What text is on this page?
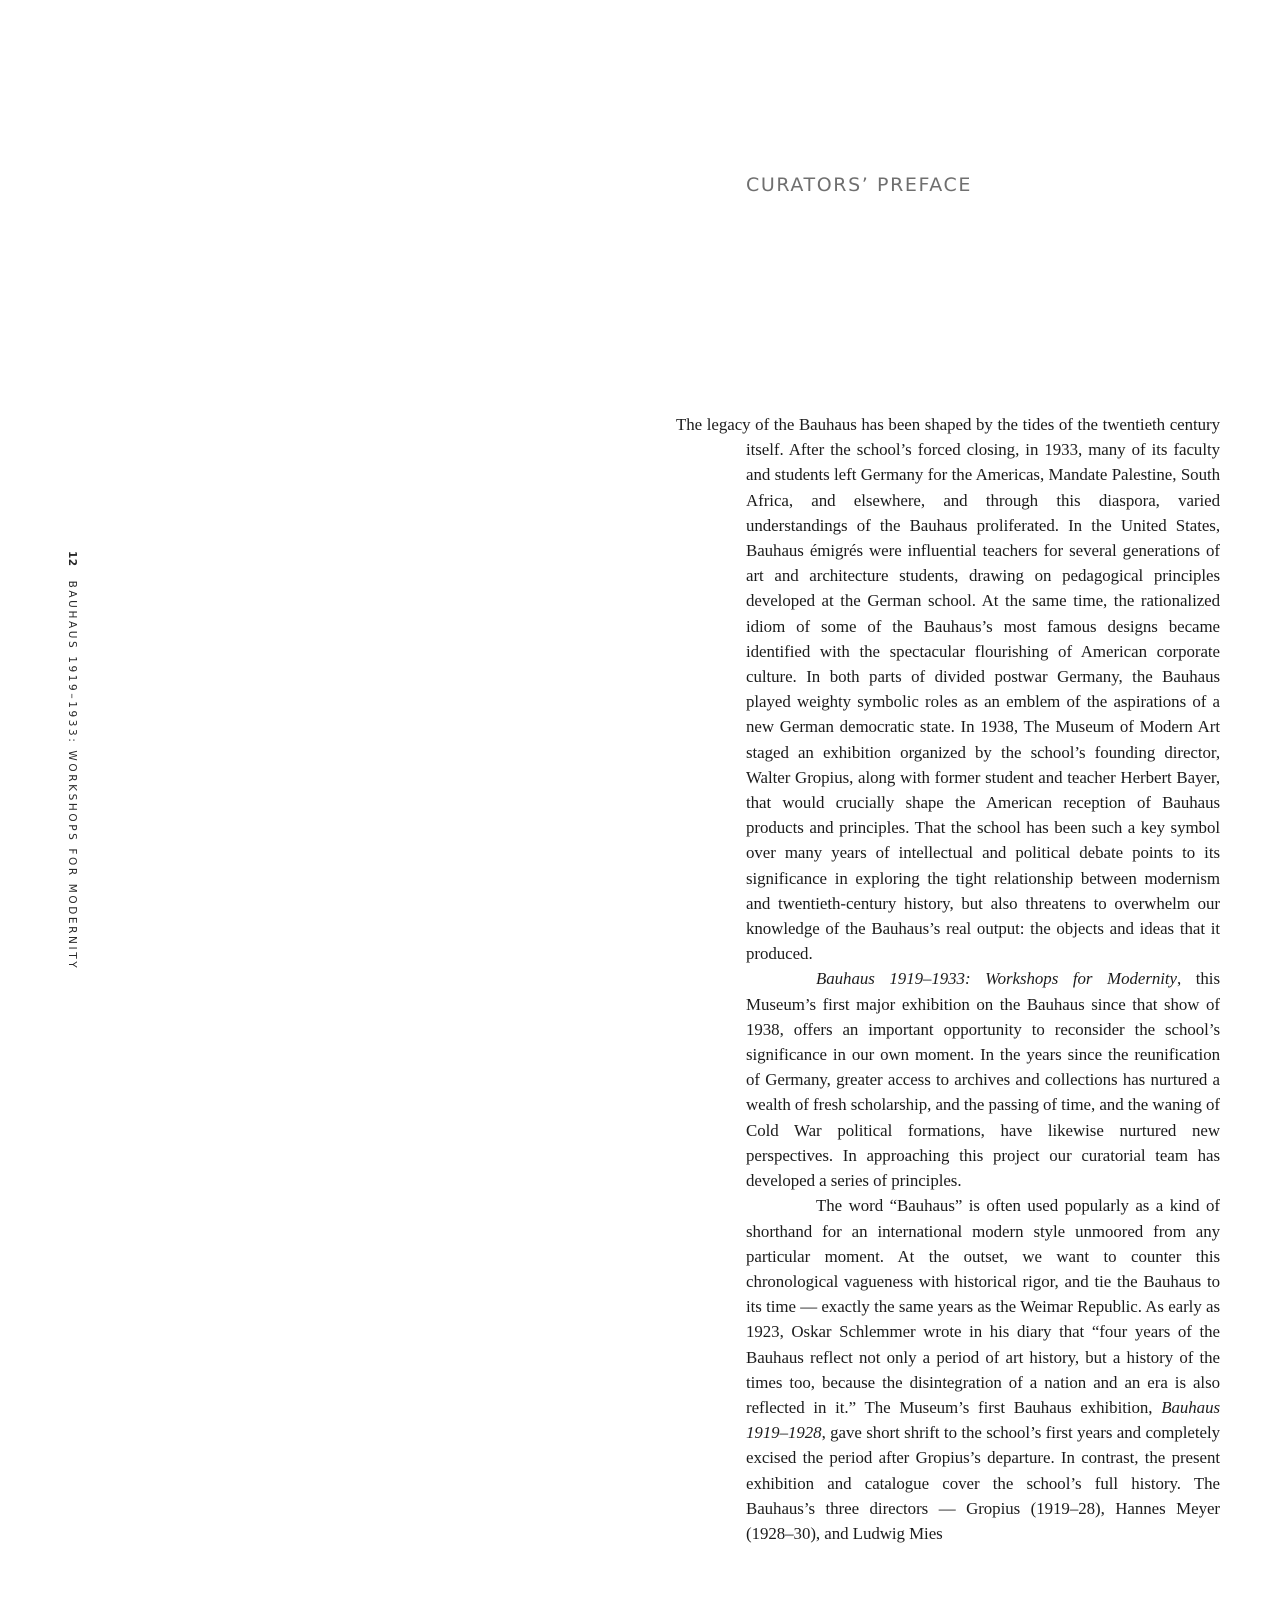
CURATORS’ PREFACE
12 BAUHAUS 1919–1933: WORKSHOPS FOR MODERNITY

The legacy of the Bauhaus has been shaped by the tides of the twentieth century itself. After the school’s forced closing, in 1933, many of its faculty and students left Germany for the Americas, Mandate Palestine, South Africa, and elsewhere, and through this diaspora, varied understandings of the Bauhaus proliferated. In the United States, Bauhaus émigrés were influential teachers for several generations of art and architecture students, drawing on pedagogical principles developed at the German school. At the same time, the rationalized idiom of some of the Bauhaus’s most famous designs became identified with the spectacular flourishing of American corporate culture. In both parts of divided postwar Germany, the Bauhaus played weighty symbolic roles as an emblem of the aspirations of a new German democratic state. In 1938, The Museum of Modern Art staged an exhibition organized by the school’s founding director, Walter Gropius, along with former student and teacher Herbert Bayer, that would crucially shape the American reception of Bauhaus products and principles. That the school has been such a key symbol over many years of intellectual and political debate points to its significance in exploring the tight relationship between modernism and twentieth-century history, but also threatens to overwhelm our knowledge of the Bauhaus’s real output: the objects and ideas that it produced.

Bauhaus 1919–1933: Workshops for Modernity, this Museum’s first major exhibition on the Bauhaus since that show of 1938, offers an important opportunity to reconsider the school’s significance in our own moment. In the years since the reunification of Germany, greater access to archives and collections has nurtured a wealth of fresh scholarship, and the passing of time, and the waning of Cold War political formations, have likewise nurtured new perspectives. In approaching this project our curatorial team has developed a series of principles.

The word “Bauhaus” is often used popularly as a kind of shorthand for an international modern style unmoored from any particular moment. At the outset, we want to counter this chronological vagueness with historical rigor, and tie the Bauhaus to its time — exactly the same years as the Weimar Republic. As early as 1923, Oskar Schlemmer wrote in his diary that “four years of the Bauhaus reflect not only a period of art history, but a history of the times too, because the disintegration of a nation and an era is also reflected in it.” The Museum’s first Bauhaus exhibition, Bauhaus 1919–1928, gave short shrift to the school’s first years and completely excised the period after Gropius’s departure. In contrast, the present exhibition and catalogue cover the school’s full history. The Bauhaus’s three directors — Gropius (1919–28), Hannes Meyer (1928–30), and Ludwig Mies
